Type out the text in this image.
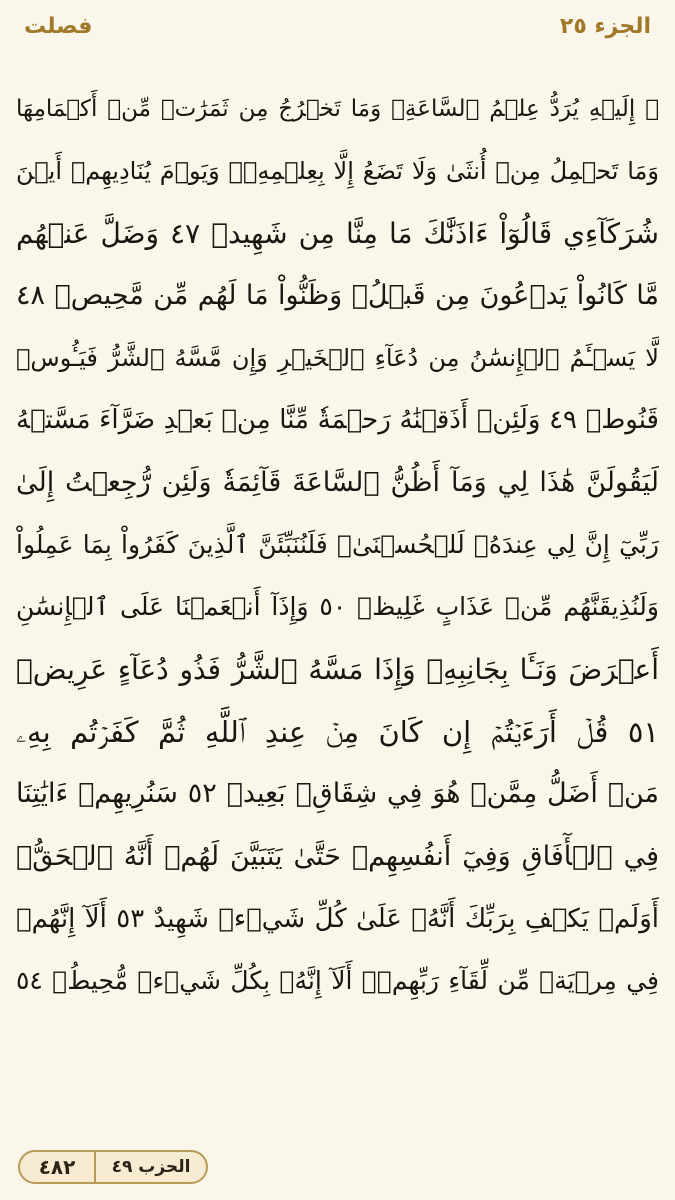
فصلت	الجزء ٢٥
۞ إِلَيۡهِ يُرَدُّ عِلۡمُ ٱلسَّاعَةِۚ وَمَا تَخۡرُجُ مِن ثَمَرَٰتٖ مِّنۡ أَكۡمَامِهَا
وَمَا تَحۡمِلُ مِنۡ أُنثَىٰ وَلَا تَضَعُ إِلَّا بِعِلۡمِهِۦۚ وَيَوۡمَ يُنَادِيهِمۡ أَيۡنَ
شُرَكَآءِي قَالُوٓاْ ءَاذَنَّٰكَ مَا مِنَّا مِن شَهِيدٖ ٤٧ وَضَلَّ عَنۡهُم
مَّا كَانُواْ يَدۡعُونَ مِن قَبۡلُۖ وَظَنُّواْ مَا لَهُم مِّن مَّحِيصٖ ٤٨
لَّا يَسۡـَٔمُ ٱلۡإِنسَٰنُ مِن دُعَآءِ ٱلۡخَيۡرِ وَإِن مَّسَّهُ ٱلشَّرُّ فَيَـُٔوسٞ
قَنُوطٞ ٤٩ وَلَئِنۡ أَذَقۡنَٰهُ رَحۡمَةٗ مِّنَّا مِنۢ بَعۡدِ ضَرَّآءَ مَسَّتۡهُ
لَيَقُولَنَّ هَٰذَا لِي وَمَآ أَظُنُّ ٱلسَّاعَةَ قَآئِمَةٗ وَلَئِن رُّجِعۡتُ إِلَىٰ
رَبِّيٓ إِنَّ لِي عِندَهُۥ لَلۡحُسۡنَىٰۚ فَلَنُنَبِّئَنَّ ٱلَّذِينَ كَفَرُواْ بِمَا عَمِلُواْ
وَلَنُذِيقَنَّهُم مِّنۡ عَذَابٍ غَلِيظٖ ٥٠ وَإِذَآ أَنۡعَمۡنَا عَلَى ٱلۡإِنسَٰنِ
أَعۡرَضَ وَنَـَٔا بِجَانِبِهِۦ وَإِذَا مَسَّهُ ٱلشَّرُّ فَذُو دُعَآءٍ عَرِيضٖ
٥١ قُلۡ أَرَءَيۡتُمۡ إِن كَانَ مِنۡ عِندِ ٱللَّهِ ثُمَّ كَفَرۡتُم بِهِۦ
مَنۡ أَضَلُّ مِمَّنۡ هُوَ فِي شِقَاقِۭ بَعِيدٖ ٥٢ سَنُرِيهِمۡ ءَايَٰتِنَا
فِي ٱلۡأٓفَاقِ وَفِيٓ أَنفُسِهِمۡ حَتَّىٰ يَتَبَيَّنَ لَهُمۡ أَنَّهُ ٱلۡحَقُّۗ
أَوَلَمۡ يَكۡفِ بِرَبِّكَ أَنَّهُۥ عَلَىٰ كُلِّ شَيۡءٖ شَهِيدٌ ٥٣ أَلَآ إِنَّهُمۡ
فِي مِرۡيَةٖ مِّن لِّقَآءِ رَبِّهِمۡۗ أَلَآ إِنَّهُۥ بِكُلِّ شَيۡءٖ مُّحِيطُۢ ٥٤
٤٨٢	الحزب ٤٩
